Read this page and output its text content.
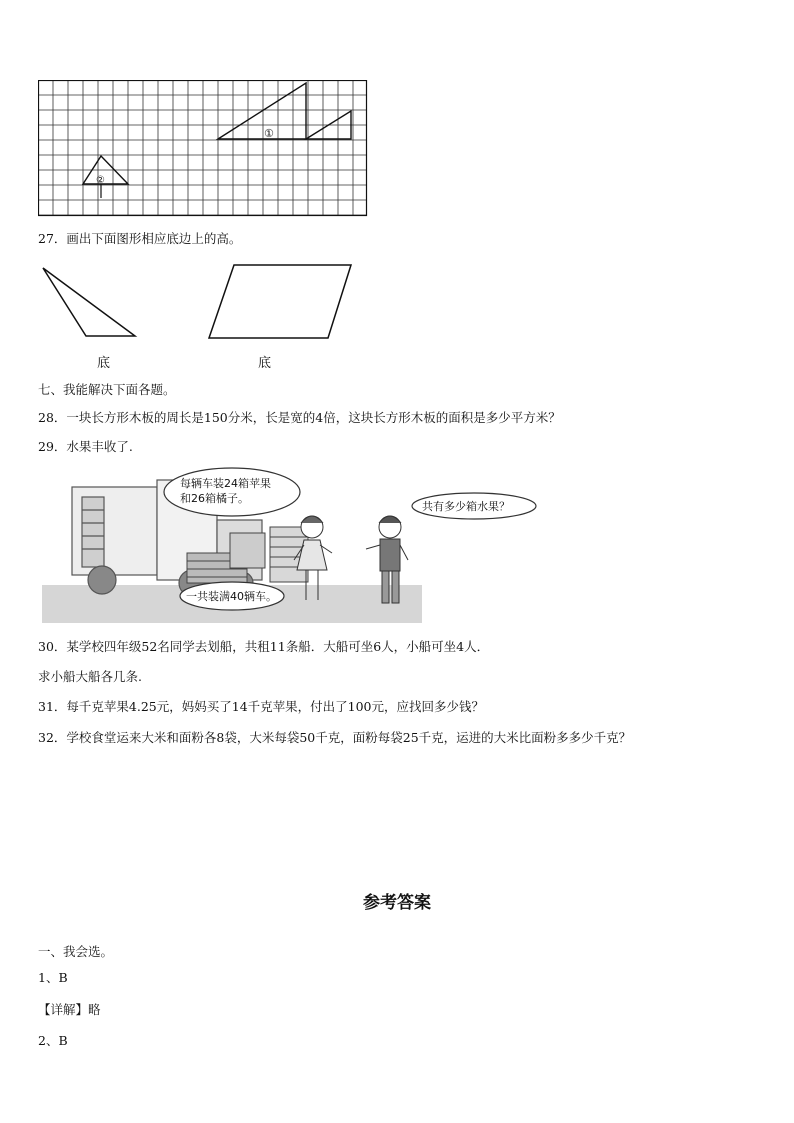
①
②
27．画出下面图形相应底边上的高。
底	底
七、我能解决下面各题。
28．一块长方形木板的周长是150分米，长是宽的4倍，这块长方形木板的面积是多少平方米？
29．水果丰收了.
每辆车装24箱苹果
和26箱橘子。
一共装满40辆车。
共有多少箱水果？
30．某学校四年级52名同学去划船，共租11条船．大船可坐6人，小船可坐4人．
求小船大船各几条.
31．每千克苹果4.25元，妈妈买了14千克苹果，付出了100元，应找回多少钱？
32．学校食堂运来大米和面粉各8袋，大米每袋50千克，面粉每袋25千克，运进的大米比面粉多多少千克？
参考答案
一、我会选。
1、B
【详解】略
2、B
